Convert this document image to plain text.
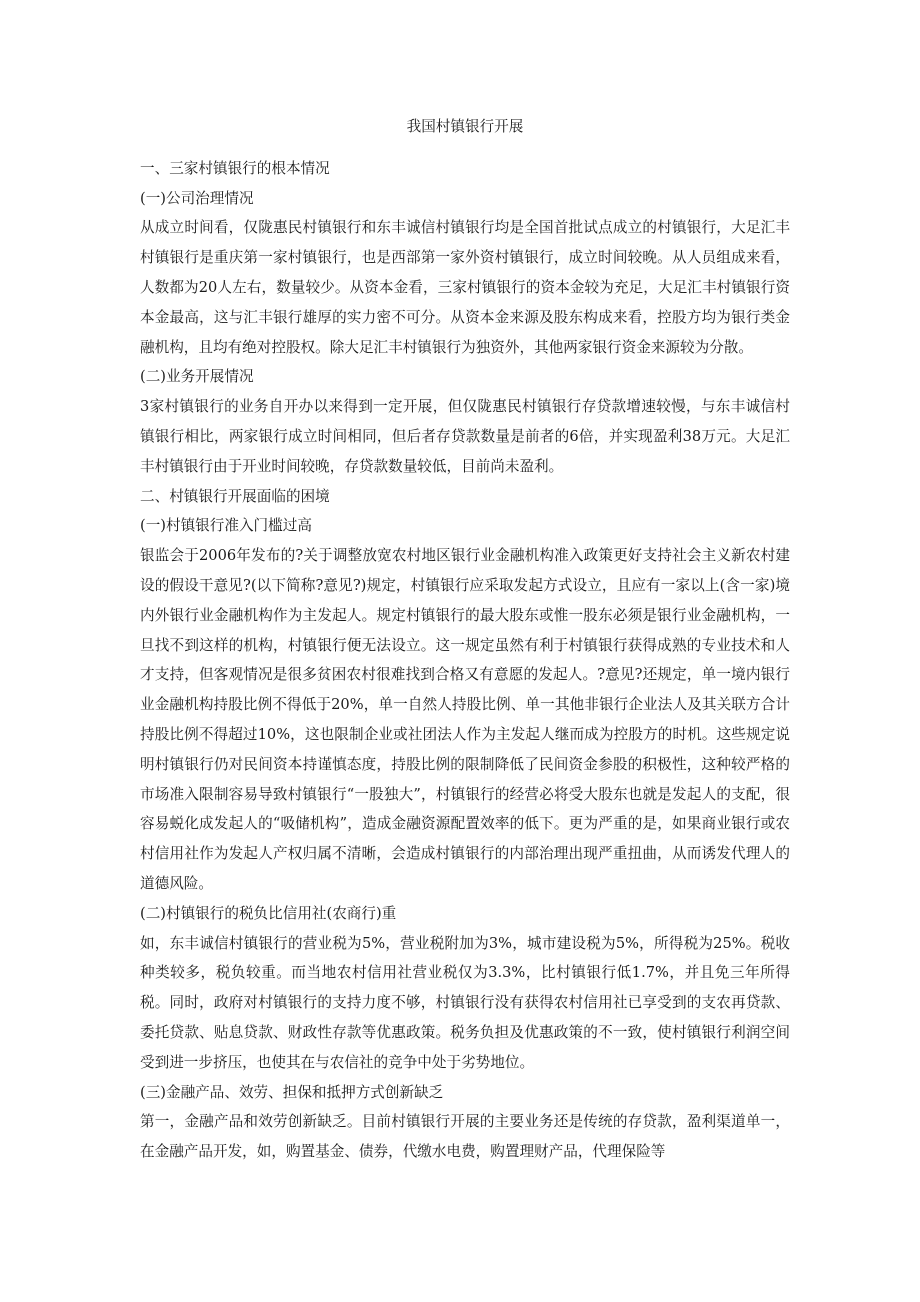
我国村镇银行开展
一、三家村镇银行的根本情况
(一)公司治理情况
从成立时间看，仅陇惠民村镇银行和东丰诚信村镇银行均是全国首批试点成立的村镇银行，大足汇丰村镇银行是重庆第一家村镇银行，也是西部第一家外资村镇银行，成立时间较晚。从人员组成来看，人数都为20人左右，数量较少。从资本金看，三家村镇银行的资本金较为充足，大足汇丰村镇银行资本金最高，这与汇丰银行雄厚的实力密不可分。从资本金来源及股东构成来看，控股方均为银行类金融机构，且均有绝对控股权。除大足汇丰村镇银行为独资外，其他两家银行资金来源较为分散。
(二)业务开展情况
3家村镇银行的业务自开办以来得到一定开展，但仅陇惠民村镇银行存贷款增速较慢，与东丰诚信村镇银行相比，两家银行成立时间相同，但后者存贷款数量是前者的6倍，并实现盈利38万元。大足汇丰村镇银行由于开业时间较晚，存贷款数量较低，目前尚未盈利。
二、村镇银行开展面临的困境
(一)村镇银行准入门槛过高
银监会于2006年发布的?关于调整放宽农村地区银行业金融机构准入政策更好支持社会主义新农村建设的假设干意见?(以下简称?意见?)规定，村镇银行应采取发起方式设立，且应有一家以上(含一家)境内外银行业金融机构作为主发起人。规定村镇银行的最大股东或惟一股东必须是银行业金融机构，一旦找不到这样的机构，村镇银行便无法设立。这一规定虽然有利于村镇银行获得成熟的专业技术和人才支持，但客观情况是很多贫困农村很难找到合格又有意愿的发起人。?意见?还规定，单一境内银行业金融机构持股比例不得低于20%，单一自然人持股比例、单一其他非银行企业法人及其关联方合计持股比例不得超过10%，这也限制企业或社团法人作为主发起人继而成为控股方的时机。这些规定说明村镇银行仍对民间资本持谨慎态度，持股比例的限制降低了民间资金参股的积极性，这种较严格的市场准入限制容易导致村镇银行“一股独大”，村镇银行的经营必将受大股东也就是发起人的支配，很容易蜕化成发起人的“吸储机构”，造成金融资源配置效率的低下。更为严重的是，如果商业银行或农村信用社作为发起人产权归属不清晰，会造成村镇银行的内部治理出现严重扭曲，从而诱发代理人的道德风险。
(二)村镇银行的税负比信用社(农商行)重
如，东丰诚信村镇银行的营业税为5%，营业税附加为3%，城市建设税为5%，所得税为25%。税收种类较多，税负较重。而当地农村信用社营业税仅为3.3%，比村镇银行低1.7%，并且免三年所得税。同时，政府对村镇银行的支持力度不够，村镇银行没有获得农村信用社已享受到的支农再贷款、委托贷款、贴息贷款、财政性存款等优惠政策。税务负担及优惠政策的不一致，使村镇银行利润空间受到进一步挤压，也使其在与农信社的竞争中处于劣势地位。
(三)金融产品、效劳、担保和抵押方式创新缺乏
第一，金融产品和效劳创新缺乏。目前村镇银行开展的主要业务还是传统的存贷款，盈利渠道单一，在金融产品开发，如，购置基金、债券，代缴水电费，购置理财产品，代理保险等
